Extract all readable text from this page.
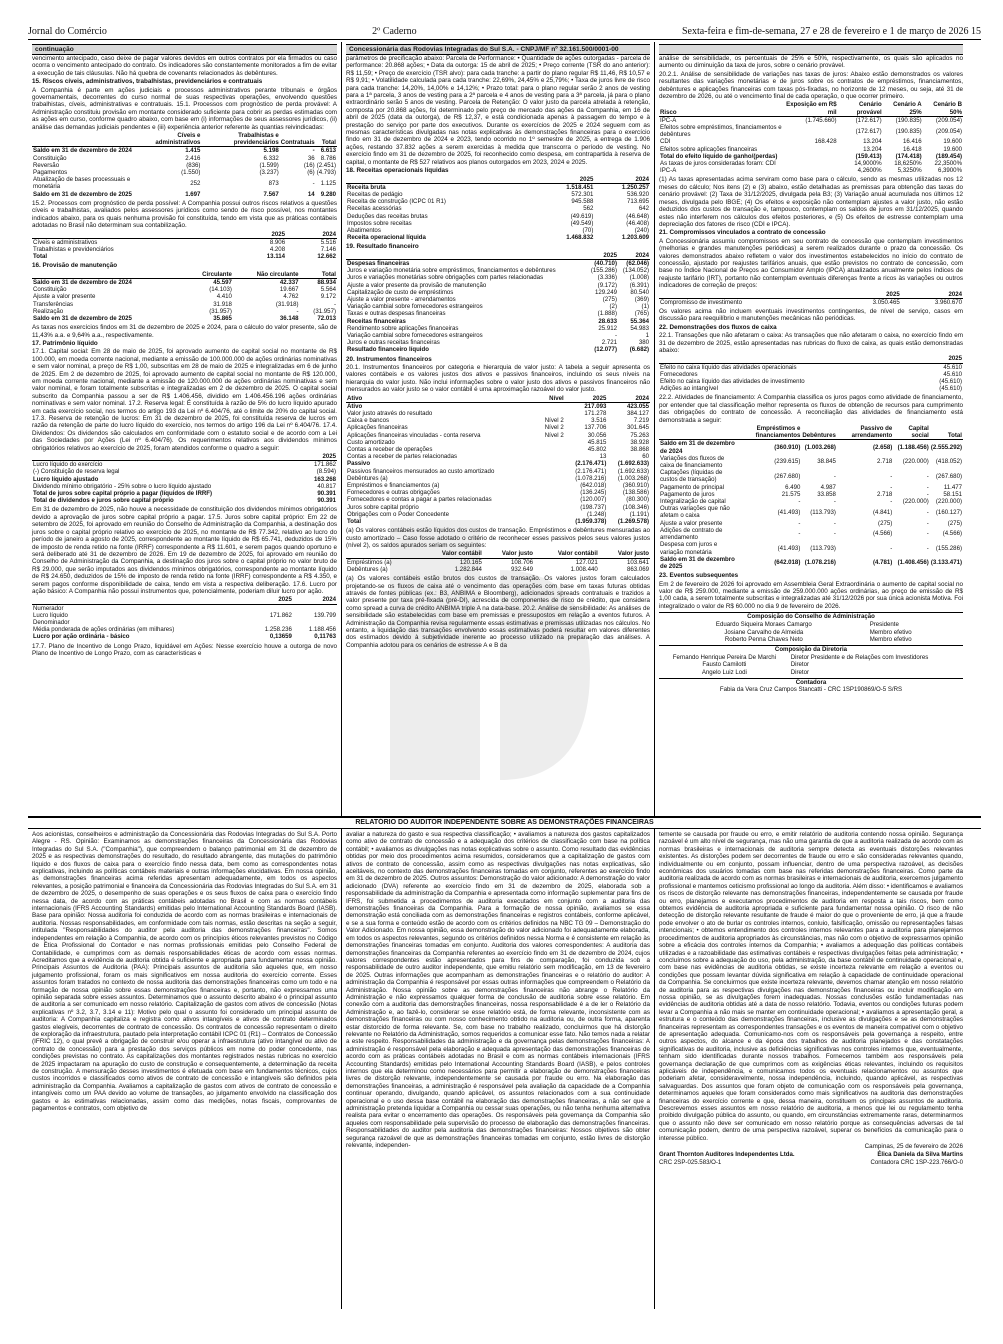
Jornal do Comércio	2º Caderno	Sexta-feira e fim-de-semana, 27 e 28 de fevereiro e 1 de março de 2026 15
continuação

vencimento antecipado, caso deixe de pagar valores devidos em outros contratos por ela firmados ou caso ocorra o vencimento antecipado do contrato. Os indicadores são constantemente monitorados a fim de evitar a execução de tais cláusulas. Não há quebra de covenants relacionados às debêntures.

15. Riscos cíveis, administrativos, trabalhistas, previdenciários e contratuais

A Companhia é parte em ações judiciais e processos administrativos perante tribunais e órgãos governamentais, decorrentes do curso normal de suas respectivas operações, envolvendo questões trabalhistas, cíveis, administrativas e contratuais. 15.1. Processos com prognóstico de perda provável: A Administração constituiu provisão em montante considerado suficiente para cobrir as perdas estimadas com as ações em curso, conforme quadro abaixo, com base em (i) informações de seus assessores jurídicos, (ii) análise das demandas judiciais pendentes e (iii) experiência anterior referente às quantias reivindicadas:

	Cíveis e administrativos	Trabalhistas e previdenciários	Contratuais	Total
Saldo em 31 de dezembro de 2024	1.415	5.198	-	6.613
Constituição	2.416	6.332	36	8.786
Reversão	(836)	(1.599)	(16)	(2.451)
Pagamentos	(1.550)	(3.237)	(6)	(4.793)
Atualização de bases processuais e monetária	252	873	-	1.125
Saldo em 31 de dezembro de 2025	1.697	7.567	14	9.280

15.2. Processos com prognóstico de perda possível: A Companhia possui outros riscos relativos a questões cíveis e trabalhistas, avaliados pelos assessores jurídicos como sendo de risco possível, nos montantes indicados abaixo, para os quais nenhuma provisão foi constituída, tendo em vista que as práticas contábeis adotadas no Brasil não determinam sua contabilização.

	2025	2024
Cíveis e administrativos	8.906	5.516
Trabalhistas e previdenciários	4.208	7.146
Total	13.114	12.662

16. Provisão de manutenção

	Circulante	Não circulante	Total
Saldo em 31 de dezembro de 2024	45.597	42.337	88.934
Constituição	(14.103)	19.667	5.564
Ajuste a valor presente	4.410	4.762	9.172
Transferências	31.918	(31.918)	-
Realização	(31.957)	-	(31.957)
Saldo em 31 de dezembro de 2025	35.865	36.148	72.013

As taxas nos exercícios findos em 31 de dezembro de 2025 e 2024, para o cálculo do valor presente, são de 11,43% a.a. e 9,64% a.a., respectivamente.

17. Patrimônio líquido

17.1. Capital social: Em 28 de maio de 2025, foi aprovado aumento de capital social no montante de R$ 100.000, em moeda corrente nacional, mediante a emissão de 100.000.000 de ações ordinárias nominativas e sem valor nominal, a preço de R$ 1,00, subscritas em 28 de maio de 2025 e integralizadas em 6 de junho de 2025. Em 2 de dezembro de 2025, foi aprovado aumento de capital social no montante de R$ 120.000, em moeda corrente nacional, mediante a emissão de 120.000.000 de ações ordinárias nominativas e sem valor nominal, e foram totalmente subscritas e integralizadas em 2 de dezembro de 2025. O capital social subscrito da Companhia passou a ser de R$ 1.406.456, dividido em 1.406.456.196 ações ordinárias nominativas e sem valor nominal. 17.2. Reserva legal: É constituída à razão de 5% do lucro líquido apurado em cada exercício social, nos termos do artigo 193 da Lei nº 6.404/76, até o limite de 20% do capital social. 17.3. Reserva de retenção de lucros: Em 31 de dezembro de 2025, foi constituída reserva de lucros em razão da retenção de parte do lucro líquido do exercício, nos termos do artigo 196 da Lei nº 6.404/76. 17.4. Dividendos: Os dividendos são calculados em conformidade com o estatuto social e de acordo com a Lei das Sociedades por Ações (Lei nº 6.404/76). Os requerimentos relativos aos dividendos mínimos obrigatórios relativos ao exercício de 2025, foram atendidos conforme o quadro a seguir:

	2025
Lucro líquido do exercício	171.862
(-) Constituição de reserva legal	(8.594)
Lucro líquido ajustado	163.268
Dividendo mínimo obrigatório - 25% sobre o lucro líquido ajustado	40.817
Total de juros sobre capital próprio a pagar (líquidos de IRRF)	90.391
Total de dividendos e juros sobre capital próprio	90.391

Em 31 de dezembro de 2025, não houve a necessidade de constituição dos dividendos mínimos obrigatórios devido a aprovação de juros sobre capital próprio a pagar. 17.5. Juros sobre capital próprio: Em 22 de setembro de 2025, foi aprovado em reunião do Conselho de Administração da Companhia, a destinação dos juros sobre o capital próprio relativo ao exercício de 2025, no montante de R$ 77.342, relativo ao lucro do período de janeiro a agosto de 2025, correspondente ao montante líquido de R$ 65.741, deduzidos de 15% de imposto de renda retido na fonte (IRRF) correspondente a R$ 11.601, e serem pagos quando oportuno e será deliberado até 31 de dezembro de 2026. Em 19 de dezembro de 2025, foi aprovado em reunião do Conselho de Administração da Companhia, a destinação dos juros sobre o capital próprio no valor bruto de R$ 29.000, que serão imputados aos dividendos mínimos obrigatórios, correspondente ao montante líquido de R$ 24.650, deduzidos de 15% de imposto de renda retido na fonte (IRRF) correspondente a R$ 4.350, e serem pagos conforme disponibilidade de caixa, tendo em vista a respectiva deliberação. 17.6. Lucro por ação básico: A Companhia não possui instrumentos que, potencialmente, poderiam diluir lucro por ação.

	2025	2024
Numerador		
Lucro líquido	171.862	139.799
Denominador		
Média ponderada de ações ordinárias (em milhares)	1.258.236	1.188.456
Lucro por ação ordinária - básico	0,13659	0,11763

17.7. Plano de Incentivo de Longo Prazo, liquidável em Ações: Nesse exercício houve a outorga de novo Plano de Incentivo de Longo Prazo, com as características e

Concessionária das Rodovias Integradas do Sul S.A. - CNPJ/MF nº 32.161.500/0001-00

parâmetros de precificação abaixo: Parcela de Performance: • Quantidade de ações outorgadas - parcela de performance: 20.868 ações; • Data da outorga: 15 de abril de 2025; • Preço corrente (TSR do ano anterior): R$ 11,59; • Preço de exercício (TSR alvo): para cada tranche: a partir do plano regular R$ 11,46, R$ 10,57 e R$ 9,91; • Volatilidade calculada para cada tranche: 22,69%, 24,45% e 25,79%; • Taxa de juros livre de risco para cada tranche: 14,20%, 14,00% e 14,12%; • Prazo total: para o plano regular serão 2 anos de vesting para a 1ª parcela, 3 anos de vesting para a 2ª parcela e 4 anos de vesting para a 3ª parcela, já para o plano extraordinário serão 5 anos de vesting. Parcela de Retenção: O valor justo da parcela atrelada à retenção, composta por 20.868 ações, foi determinado pelo preço de mercado das ações da Companhia, em 16 de abril de 2025 (data da outorga), de R$ 12,37, e está condicionada apenas à passagem do tempo e à prestação do serviço por parte dos executivos. Durante os exercícios de 2025 e 2024 seguem com as mesmas características divulgadas nas notas explicativas às demonstrações financeiras para o exercício findo em 31 de dezembro de 2024 e 2023, tendo ocorrido no 1º semestre de 2025, a entrega de 1.906 ações, restando 37.832 ações a serem exercidas à medida que transcorra o período de vesting. No exercício findo em 31 de dezembro de 2025, foi reconhecido como despesa, em contrapartida à reserva de capital, o montante de R$ 527 relativos aos planos outorgados em 2023, 2024 e 2025.

18. Receitas operacionais líquidas

	2025	2024
Receita bruta	1.518.451	1.250.257
Receitas de pedágio	572.301	536.920
Receita de construção (ICPC 01 R1)	945.588	713.695
Receitas acessórias	562	642
Deduções das receitas brutas	(49.619)	(46.648)
Impostos sobre receitas	(49.549)	(46.408)
Abatimentos	(70)	(240)
Receita operacional líquida	1.468.832	1.203.609

19. Resultado financeiro

	2025	2024
Despesas financeiras	(40.710)	(62.046)
Juros e variação monetária sobre empréstimos, financiamentos e debêntures	(155.286)	(134.052)
Juros e variações monetárias sobre obrigações com partes relacionadas	(3.336)	(1.008)
Ajuste a valor presente da provisão de manutenção	(9.172)	(6.391)
Capitalização de custo de empréstimos	129.249	80.540
Ajuste a valor presente - arrendamentos	(275)	(369)
Variação cambial sobre fornecedores estrangeiros	(2)	(1)
Taxas e outras despesas financeiras	(1.888)	(765)
Receitas financeiras	28.633	55.364
Rendimento sobre aplicações financeiras	25.912	54.983
Variação cambial sobre fornecedores estrangeiros	-	1
Juros e outras receitas financeiras	2.721	380
Resultado financeiro líquido	(12.077)	(6.682)

20. Instrumentos financeiros

20.1. Instrumentos financeiros por categoria e hierarquia de valor justo: A tabela a seguir apresenta os valores contábeis e os valores justos dos ativos e passivos financeiros, incluindo os seus níveis na hierarquia do valor justo. Não inclui informações sobre o valor justo dos ativos e passivos financeiros não mensurados ao valor justo se o valor contábil é uma aproximação razoável do valor justo.

Ativo	Nível	2025	2024
Ativo		217.093	423.055
Valor justo através do resultado		171.278	384.127
Caixa e bancos	Nível 2	3.516	7.219
Aplicações financeiras	Nível 2	137.706	301.645
Aplicações financeiras vinculadas - conta reserva	Nível 2	30.056	75.263
Custo amortizado		45.815	38.928
Contas a receber de operações		45.802	38.868
Contas a receber de partes relacionadas		13	60
Passivo		(2.176.471)	(1.692.633)
Passivos financeiros mensurados ao custo amortizado		(2.176.471)	(1.692.633)
Debêntures (a)		(1.078.216)	(1.003.268)
Empréstimos e financiamentos (a)		(642.018)	(360.910)
Fornecedores e outras obrigações		(136.245)	(138.586)
Fornecedores e contas a pagar a partes relacionadas		(120.007)	(80.300)
Juros sobre capital próprio		(198.737)	(108.346)
Obrigações com o Poder Concedente		(1.248)	(1.191)
Total		(1.959.378)	(1.269.578)

(a) Os valores contábeis estão líquidos dos custos de transação. Empréstimos e debêntures mensuradas ao custo amortizado – Caso fosse adotado o critério de reconhecer esses passivos pelos seus valores justos (nível 2), os saldos apurados seriam os seguintes:

	Valor contábil	Valor justo	Valor contábil	Valor justo
Empréstimos (a)	120.165	108.706	127.021	103.641
Debêntures (a)	1.282.844	932.649	1.008.440	863.069

(a) Os valores contábeis estão brutos dos custos de transação. Os valores justos foram calculados projetando-se os fluxos de caixa até o vencimento das operações com base em taxas futuras obtidas através de fontes públicas (ex.: B3, ANBIMA e Bloomberg), adicionados spreads contratuais e trazidos a valor presente por taxa pré-fixada (pré-DI), acrescida de componentes de risco de crédito, que considera como spread a curva de crédito ANBIMA triple A na data-base. 20.2. Análise de sensibilidade: As análises de sensibilidade são estabelecidas com base em premissas e pressupostos em relação a eventos futuros. A Administração da Companhia revisa regularmente essas estimativas e premissas utilizadas nos cálculos. No entanto, a liquidação das transações envolvendo essas estimativas poderá resultar em valores diferentes dos estimados devido à subjetividade inerente ao processo utilizado na preparação das análises. A Companhia adotou para os cenários de estresse A e B da

análise de sensibilidade, os percentuais de 25% e 50%, respectivamente, os quais são aplicados no aumento ou diminuição da taxa de juros, sobre o cenário provável.

20.2.1. Análise de sensibilidade de variações nas taxas de juros: Abaixo estão demonstrados os valores resultantes das variações monetárias e de juros sobre os contratos de empréstimos, financiamentos, debêntures e aplicações financeiras com taxas pós-fixadas, no horizonte de 12 meses, ou seja, até 31 de dezembro de 2026, ou até o vencimento final de cada operação, o que ocorrer primeiro.

Risco	Exposição em R$ mil	Cenário provável	Cenário A 25%	Cenário B 50%
IPC-A	(1.745.660)	(172.617)	(190.835)	(209.054)
Efeitos sobre empréstimos, financiamentos e debêntures		(172.617)	(190.835)	(209.054)
CDI	168.428	13.204	16.416	19.600
Efeitos sobre aplicações financeiras		13.204	16.418	19.600
Total do efeito líquido de ganho/(perdas)		(159.413)	(174.418)	(189.454)
As taxas de juros consideradas foram: CDI		14,9000%	18,6250%	22,3500%
IPC-A		4,2600%	5,3250%	6,3900%

(1) As taxas apresentadas acima serviram como base para o cálculo, sendo as mesmas utilizadas nos 12 meses do cálculo; Nos itens (2) e (3) abaixo, estão detalhadas as premissas para obtenção das taxas do cenário provável: (2) Taxa de 31/12/2025, divulgada pela B3; (3) Variação anual acumulada nos últimos 12 meses, divulgada pelo IBGE; (4) Os efeitos e exposição não contemplam ajustes a valor justo, não estão deduzidos dos custos de transação e, tampouco, contemplam os saldos de juros em 31/12/2025, quando estes não interferem nos cálculos dos efeitos posteriores, e (5) Os efeitos de estresse contemplam uma depreciação dos fatores de risco (CDI e IPCA).

21. Compromissos vinculados a contrato de concessão

A Concessionária assumiu compromissos em seu contrato de concessão que contemplam investimentos (melhorias e grandes manutenções periódicas) a serem realizados durante o prazo da concessão. Os valores demonstrados abaixo refletem o valor dos investimentos estabelecidos no início do contrato de concessão, ajustado por reajustes tarifários anuais, que estão previstos no contrato de concessão, com base no Índice Nacional de Preços ao Consumidor Amplo (IPCA) atualizados anualmente pelos índices de reajuste tarifário (IRT), portanto não contemplam eventuais diferenças frente a ricos às variações ou outros indicadores de correção de preços:

	2025	2024
Compromisso de investimento	3.050.465	3.960.670

Os valores acima não incluem eventuais investimentos contingentes, de nível de serviço, casos em discussão para reequilíbrio e manutenções mecânicas não periódicas.

22. Demonstrações dos fluxos de caixa

22.1. Transações que não afetaram o caixa: As transações que não afetaram o caixa, no exercício findo em 31 de dezembro de 2025, estão apresentadas nas rubricas do fluxo de caixa, as quais estão demonstradas abaixo:

	2025
Efeito no caixa líquido das atividades operacionais	45.610
Fornecedores	45.610
Efeito no caixa líquido das atividades de investimento	(45.610)
Adições ao intangível	(45.610)

22.2. Atividades de financiamento: A Companhia classifica os juros pagos como atividade de financiamento, por entender que tal classificação melhor representa os fluxos de obtenção de recursos para cumprimento das obrigações do contrato de concessão. A reconciliação das atividades de financiamento está demonstrada a seguir:

	Empréstimos e financiamentos	Debêntures	Passivo de arrendamento	Capital social	Total
Saldo em 31 de dezembro de 2024	(360.910)	(1.003.268)	(2.658)	(1.188.456)	(2.555.292)
Variações dos fluxos de caixa de financiamento	(239.615)	38.845	2.718	(220.000)	(418.052)
Captações (líquidas de custos de transação)	(267.680)	-	-	-	(267.680)
Pagamento de principal	6.490	4.987	-	-	11.477
Pagamento de juros	21.575	33.858	2.718	-	58.151
Integralização de capital	-	-	-	(220.000)	(220.000)
Outras variações que não afetam o caixa	(41.493)	(113.793)	(4.841)	-	(160.127)
Ajuste a valor presente	-	-	(275)	-	(275)
Adições de contrato de arrendamento	-	-	(4.566)	-	(4.566)
Despesa com juros e variação monetária	(41.493)	(113.793)	-	-	(155.286)
Saldo em 31 de dezembro de 2025	(642.018)	(1.078.216)	(4.781)	(1.408.456)	(3.133.471)

23. Eventos subsequentes

Em 2 de fevereiro de 2026 foi aprovado em Assembleia Geral Extraordinária o aumento de capital social no valor de R$ 259.000, mediante a emissão de 259.000.000 ações ordinárias, ao preço de emissão de R$ 1,00 cada, a serem totalmente subscritas e integralizadas até 31/12/2026 por sua única acionista Motiva. Foi integralizado o valor de R$ 60.000 no dia 9 de fevereiro de 2026.

Composição do Conselho de Administração
Eduardo Siqueira Moraes Camargo	Presidente
Josiane Carvalho de Almeida	Membro efetivo
Roberto Penna Chaves Neto	Membro efetivo
Composição da Diretoria
Fernando Henrique Pereira De Marchi	Diretor Presidente e de Relações com Investidores
Fausto Camilotti	Diretor
Angelo Luiz Lodi	Diretor
Contadora
Fabia da Vera Cruz Campos Stancatti - CRC 1SP190869/O-5 S/RS
RELATÓRIO DO AUDITOR INDEPENDENTE SOBRE AS DEMONSTRAÇÕES FINANCEIRAS

Aos acionistas, conselheiros e administração da Concessionária das Rodovias Integradas do Sul S.A. Porto Alegre - RS. Opinião: Examinamos as demonstrações financeiras da Concessionária das Rodovias Integradas do Sul S.A. ("Companhia"), que compreendem o balanço patrimonial em 31 de dezembro de 2025 e as respectivas demonstrações do resultado, do resultado abrangente, das mutações do patrimônio líquido e dos fluxos de caixa para o exercício findo nessa data, bem como as correspondentes notas explicativas, incluindo as políticas contábeis materiais e outras informações elucidativas. Em nossa opinião, as demonstrações financeiras acima referidas apresentam adequadamente, em todos os aspectos relevantes, a posição patrimonial e financeira da Concessionária das Rodovias Integradas do Sul S.A. em 31 de dezembro de 2025, o desempenho de suas operações e os seus fluxos de caixa para o exercício findo nessa data, de acordo com as práticas contábeis adotadas no Brasil e com as normas contábeis internacionais (IFRS Accounting Standards) emitidas pelo International Accounting Standards Board (IASB). Base para opinião: Nossa auditoria foi conduzida de acordo com as normas brasileiras e internacionais de auditoria. Nossas responsabilidades, em conformidade com tais normas, estão descritas na seção a seguir, intitulada "Responsabilidades do auditor pela auditoria das demonstrações financeiras". Somos independentes em relação à Companhia, de acordo com os princípios éticos relevantes previstos no Código de Ética Profissional do Contador e nas normas profissionais emitidas pelo Conselho Federal de Contabilidade, e cumprimos com as demais responsabilidades éticas de acordo com essas normas. Acreditamos que a evidência de auditoria obtida é suficiente e apropriada para fundamentar nossa opinião. Principais Assuntos de Auditoria (PAA): Principais assuntos de auditoria são aqueles que, em nosso julgamento profissional, foram os mais significativos em nossa auditoria do exercício corrente. Esses assuntos foram tratados no contexto de nossa auditoria das demonstrações financeiras como um todo e na formação de nossa opinião sobre essas demonstrações financeiras e, portanto, não expressamos uma opinião separada sobre esses assuntos. Determinamos que o assunto descrito abaixo é o principal assunto de auditoria a ser comunicado em nosso relatório. Capitalização de gastos com ativos de concessão (Notas explicativas nº 3.2, 3.7, 3.14 e 11): Motivo pelo qual o assunto foi considerado um principal assunto de auditoria: A Companhia capitaliza e registra como ativos intangíveis e ativos de contrato determinados gastos elegíveis, decorrentes de contrato de concessão. Os contratos de concessão representam o direito de exploração da infraestrutura, pautado pela interpretação contábil ICPC 01 (R1) – Contratos de Concessão (IFRIC 12), o qual prevê a obrigação de construir e/ou operar a infraestrutura (ativo intangível ou ativo de contrato de concessão) para a prestação dos serviços públicos em nome do poder concedente, nas condições previstas no contrato. As capitalizações dos montantes registrados nestas rubricas no exercício de 2025 impactaram na apuração do custo de construção e consequentemente, a determinação da receita de construção. A mensuração desses investimentos é efetuada com base em fundamentos técnicos, cujos custos incorridos e classificados como ativos de contrato de concessão e intangíveis são definidos pela administração da Companhia. Avaliamos a capitalização de gastos com ativos de contrato de concessão e intangíveis como um PAA devido ao volume de transações, ao julgamento envolvido na classificação dos gastos e às estimativas relacionadas, assim como das medições, notas fiscais, comprovantes de pagamentos e contratos, com objetivo de

avaliar a natureza do gasto e sua respectiva classificação; • avaliamos a natureza dos gastos capitalizados como ativo de contrato de concessão e a adequação dos critérios de classificação com base na política contábil; • avaliamos as divulgações nas notas explicativas sobre o assunto. Como resultado das evidências obtidas por meio dos procedimentos acima resumidos, consideramos que a capitalização de gastos com ativos de contrato de concessão, assim como as respectivas divulgações nas notas explicativas, são aceitáveis, no contexto das demonstrações financeiras tomadas em conjunto, referentes ao exercício findo em 31 de dezembro de 2025. Outros assuntos: Demonstração do valor adicionado: A demonstração do valor adicionado (DVA) referente ao exercício findo em 31 de dezembro de 2025, elaborada sob a responsabilidade da administração da Companhia e apresentada como informação suplementar para fins de IFRS, foi submetida a procedimentos de auditoria executados em conjunto com a auditoria das demonstrações financeiras da Companhia. Para a formação de nossa opinião, avaliamos se essa demonstração está conciliada com as demonstrações financeiras e registros contábeis, conforme aplicável, e se a sua forma e conteúdo estão de acordo com os critérios definidos na NBC TG 09 – Demonstração do Valor Adicionado. Em nossa opinião, essa demonstração do valor adicionado foi adequadamente elaborada, em todos os aspectos relevantes, segundo os critérios definidos nessa Norma e é consistente em relação às demonstrações financeiras tomadas em conjunto. Auditoria dos valores correspondentes: A auditoria das demonstrações financeiras da Companhia referentes ao exercício findo em 31 de dezembro de 2024, cujos valores correspondentes estão apresentados para fins de comparação, foi conduzida sob a responsabilidade de outro auditor independente, que emitiu relatório sem modificação, em 13 de fevereiro de 2025. Outras informações que acompanham as demonstrações financeiras e o relatório do auditor: A administração da Companhia é responsável por essas outras informações que compreendem o Relatório da Administração. Nossa opinião sobre as demonstrações financeiras não abrange o Relatório da Administração e não expressamos qualquer forma de conclusão de auditoria sobre esse relatório. Em conexão com a auditoria das demonstrações financeiras, nossa responsabilidade é a de ler o Relatório da Administração e, ao fazê-lo, considerar se esse relatório está, de forma relevante, inconsistente com as demonstrações financeiras ou com nosso conhecimento obtido na auditoria ou, de outra forma, aparenta estar distorcido de forma relevante. Se, com base no trabalho realizado, concluirmos que há distorção relevante no Relatório da Administração, somos requeridos a comunicar esse fato. Não temos nada a relatar a este respeito. Responsabilidades da administração e da governança pelas demonstrações financeiras: A administração é responsável pela elaboração e adequada apresentação das demonstrações financeiras de acordo com as práticas contábeis adotadas no Brasil e com as normas contábeis internacionais (IFRS Accounting Standards) emitidas pelo International Accounting Standards Board (IASB), e pelos controles internos que ela determinou como necessários para permitir a elaboração de demonstrações financeiras livres de distorção relevante, independentemente se causada por fraude ou erro. Na elaboração das demonstrações financeiras, a administração é responsável pela avaliação da capacidade de a Companhia continuar operando, divulgando, quando aplicável, os assuntos relacionados com a sua continuidade operacional e o uso dessa base contábil na elaboração das demonstrações financeiras, a não ser que a administração pretenda liquidar a Companhia ou cessar suas operações, ou não tenha nenhuma alternativa realista para evitar o encerramento das operações. Os responsáveis pela governança da Companhia são aqueles com responsabilidade pela supervisão do processo de elaboração das demonstrações financeiras. Responsabilidades do auditor pela auditoria das demonstrações financeiras: Nossos objetivos são obter segurança razoável de que as demonstrações financeiras tomadas em conjunto, estão livres de distorção relevante, independen-

temente se causada por fraude ou erro, e emitir relatório de auditoria contendo nossa opinião. Segurança razoável é um alto nível de segurança, mas não uma garantia de que a auditoria realizada de acordo com as normas brasileiras e internacionais de auditoria sempre detecta as eventuais distorções relevantes existentes. As distorções podem ser decorrentes de fraude ou erro e são consideradas relevantes quando, individualmente ou em conjunto, possam influenciar, dentro de uma perspectiva razoável, as decisões econômicas dos usuários tomadas com base nas referidas demonstrações financeiras. Como parte da auditoria realizada de acordo com as normas brasileiras e internacionais de auditoria, exercemos julgamento profissional e mantemos ceticismo profissional ao longo da auditoria. Além disso: • identificamos e avaliamos os riscos de distorção relevante nas demonstrações financeiras, independentemente se causada por fraude ou erro, planejamos e executamos procedimentos de auditoria em resposta a tais riscos, bem como obtemos evidência de auditoria apropriada e suficiente para fundamentar nossa opinião. O risco de não detecção de distorção relevante resultante de fraude é maior do que o proveniente de erro, já que a fraude pode envolver o ato de burlar os controles internos, conluio, falsificação, omissão ou representações falsas intencionais; • obtemos entendimento dos controles internos relevantes para a auditoria para planejarmos procedimentos de auditoria apropriados às circunstâncias, mas não com o objetivo de expressarmos opinião sobre a eficácia dos controles internos da Companhia; • avaliamos a adequação das políticas contábeis utilizadas e a razoabilidade das estimativas contábeis e respectivas divulgações feitas pela administração; • concluímos sobre a adequação do uso, pela administração, da base contábil de continuidade operacional e, com base nas evidências de auditoria obtidas, se existe incerteza relevante em relação a eventos ou condições que possam levantar dúvida significativa em relação à capacidade de continuidade operacional da Companhia. Se concluirmos que existe incerteza relevante, devemos chamar atenção em nosso relatório de auditoria para as respectivas divulgações nas demonstrações financeiras ou incluir modificação em nossa opinião, se as divulgações forem inadequadas. Nossas conclusões estão fundamentadas nas evidências de auditoria obtidas até a data de nosso relatório. Todavia, eventos ou condições futuras podem levar a Companhia a não mais se manter em continuidade operacional; • avaliamos a apresentação geral, a estrutura e o conteúdo das demonstrações financeiras, inclusive as divulgações e se as demonstrações financeiras representam as correspondentes transações e os eventos de maneira compatível com o objetivo de apresentação adequada. Comunicamo-nos com os responsáveis pela governança a respeito, entre outros aspectos, do alcance e da época dos trabalhos de auditoria planejados e das constatações significativas de auditoria, inclusive as deficiências significativas nos controles internos que, eventualmente, tenham sido identificadas durante nossos trabalhos. Fornecemos também aos responsáveis pela governança declaração de que cumprimos com as exigências éticas relevantes, incluindo os requisitos aplicáveis de independência, e comunicamos todos os eventuais relacionamentos ou assuntos que poderiam afetar, consideravelmente, nossa independência, incluindo, quando aplicável, as respectivas salvaguardas. Dos assuntos que foram objeto de comunicação com os responsáveis pela governança, determinamos aqueles que foram considerados como mais significativos na auditoria das demonstrações financeiras do exercício corrente e que, dessa maneira, constituem os principais assuntos de auditoria. Descrevemos esses assuntos em nosso relatório de auditoria, a menos que lei ou regulamento tenha proibido divulgação pública do assunto, ou quando, em circunstâncias extremamente raras, determinarmos que o assunto não deve ser comunicado em nosso relatório porque as consequências adversas de tal comunicação podem, dentro de uma perspectiva razoável, superar os benefícios da comunicação para o interesse público.

Campinas, 25 de fevereiro de 2026

Grant Thornton Auditores Independentes Ltda.
CRC 2SP-025.583/O-1
Élica Daniela da Silva Martins
Contadora CRC 1SP-223.766/O-0
